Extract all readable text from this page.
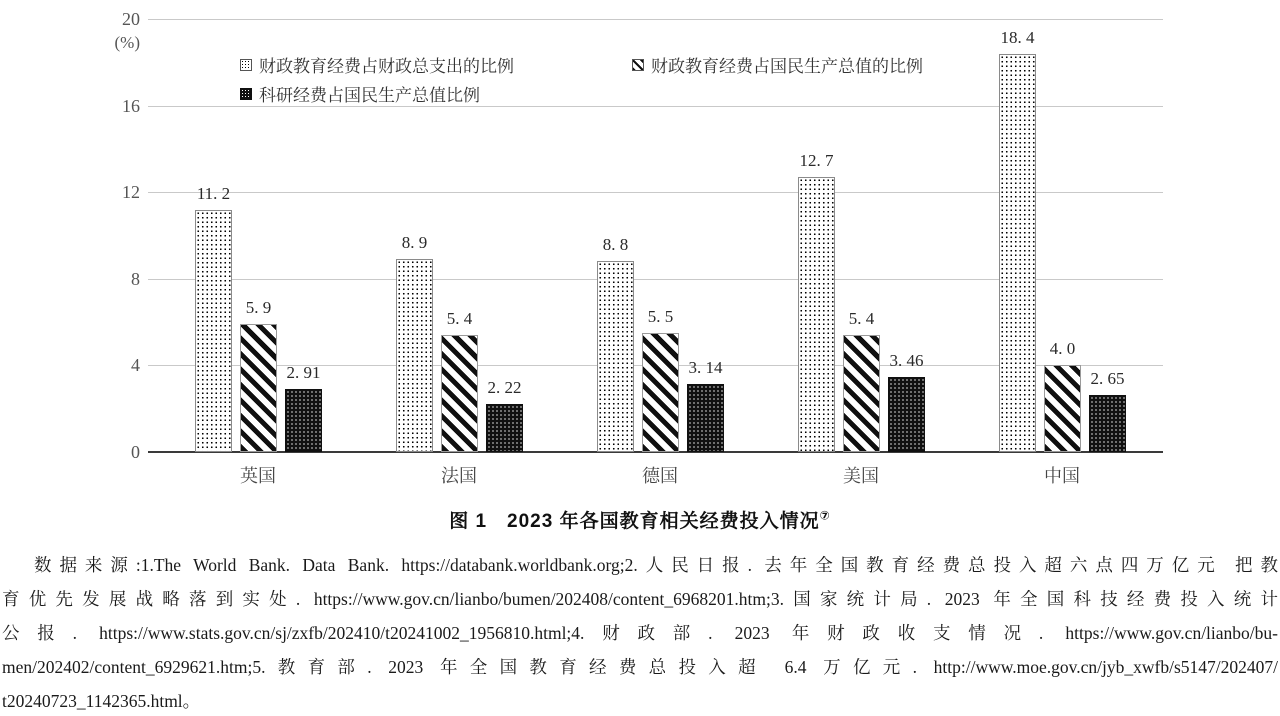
(%)
财政教育经费占财政总支出的比例	财政教育经费占国民生产总值的比例
科研经费占国民生产总值比例
0
4
8
12
16
20
英国	法国	德国	美国	中国
11. 2
8. 9	8. 8
12. 7
18. 4
5. 9
5. 4	5. 5	5. 4
4. 0
2. 91
2. 22
3. 14	3. 46
2. 65
图 1　2023 年各国教育相关经费投入情况⑦
数据来源:1.The World Bank. Data Bank. https://databank.worldbank.org;2.人民日报. 去年全国教育经费总投入超六点四万亿元 把教
育优先发展战略落到实处. https://www.gov.cn/lianbo/bumen/202408/content_6968201.htm;3.国家统计局. 2023 年全国科技经费投入统计
公报. https://www.stats.gov.cn/sj/zxfb/202410/t20241002_1956810.html;4.财政部. 2023 年财政收支情况. https://www.gov.cn/lianbo/bu-
men/202402/content_6929621.htm;5.教育部. 2023 年全国教育经费总投入超 6.4 万亿元. http://www.moe.gov.cn/jyb_xwfb/s5147/202407/
t20240723_1142365.html。
